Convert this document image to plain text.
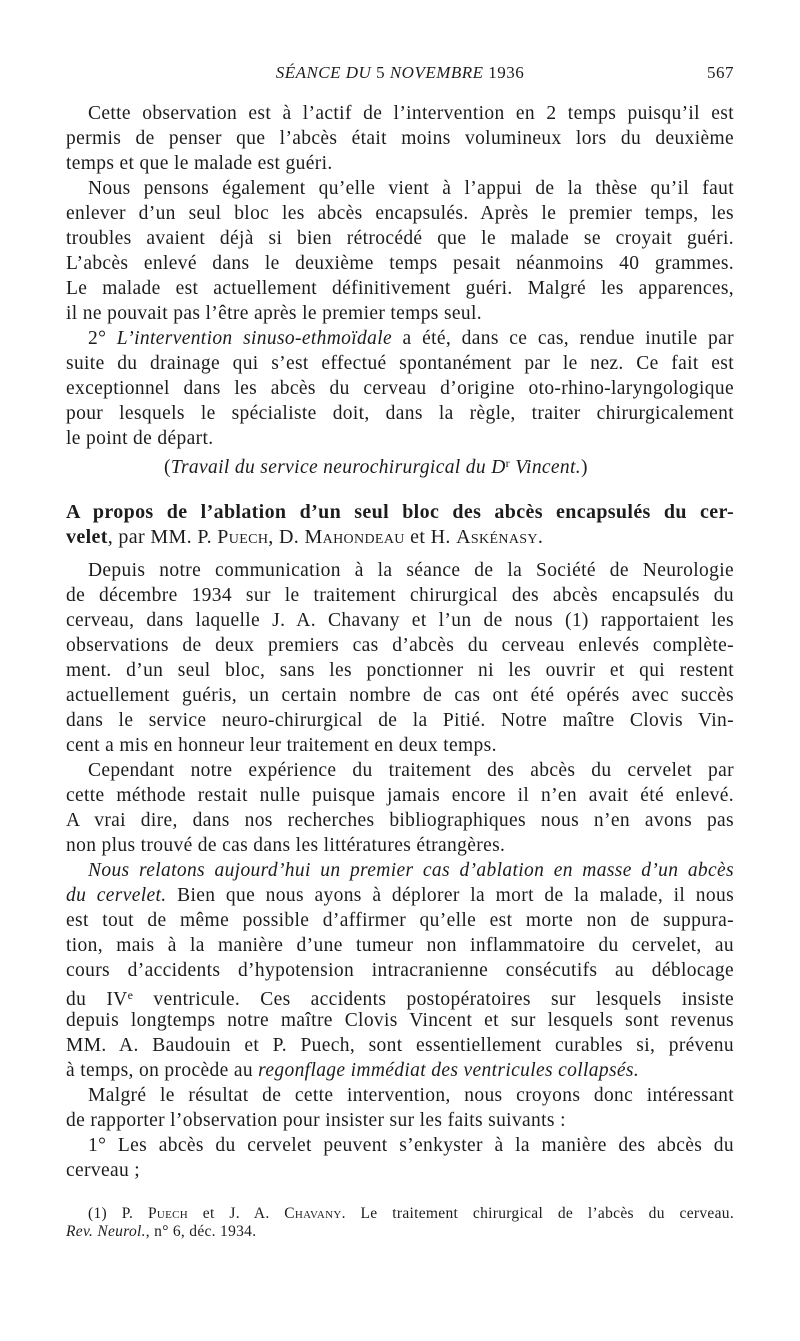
SÉANCE DU 5 NOVEMBRE 1936	567
Cette observation est à l’actif de l’intervention en 2 temps puisqu’il est
permis de penser que l’abcès était moins volumineux lors du deuxième
temps et que le malade est guéri.
Nous pensons également qu’elle vient à l’appui de la thèse qu’il faut
enlever d’un seul bloc les abcès encapsulés. Après le premier temps, les
troubles avaient déjà si bien rétrocédé que le malade se croyait guéri.
L’abcès enlevé dans le deuxième temps pesait néanmoins 40 grammes.
Le malade est actuellement définitivement guéri. Malgré les apparences,
il ne pouvait pas l’être après le premier temps seul.
2° L’intervention sinuso-ethmoïdale a été, dans ce cas, rendue inutile par
suite du drainage qui s’est effectué spontanément par le nez. Ce fait est
exceptionnel dans les abcès du cerveau d’origine oto-rhino-laryngologique
pour lesquels le spécialiste doit, dans la règle, traiter chirurgicalement
le point de départ.
(Travail du service neurochirurgical du $D^r$ Vincent.)
A propos de l’ablation d’un seul bloc des abcès encapsulés du cer-
velet, par MM. P. Puech, D. Mahondeau et H. Askénasy.
Depuis notre communication à la séance de la Société de Neurologie
de décembre 1934 sur le traitement chirurgical des abcès encapsulés du
cerveau, dans laquelle J. A. Chavany et l’un de nous (1) rapportaient les
observations de deux premiers cas d’abcès du cerveau enlevés complète-
ment. d’un seul bloc, sans les ponctionner ni les ouvrir et qui restent
actuellement guéris, un certain nombre de cas ont été opérés avec succès
dans le service neuro-chirurgical de la Pitié. Notre maître Clovis Vin-
cent a mis en honneur leur traitement en deux temps.
Cependant notre expérience du traitement des abcès du cervelet par
cette méthode restait nulle puisque jamais encore il n’en avait été enlevé.
A vrai dire, dans nos recherches bibliographiques nous n’en avons pas
non plus trouvé de cas dans les littératures étrangères.
Nous relatons aujourd’hui un premier cas d’ablation en masse d’un abcès
du cervelet. Bien que nous ayons à déplorer la mort de la malade, il nous
est tout de même possible d’affirmer qu’elle est morte non de suppura-
tion, mais à la manière d’une tumeur non inflammatoire du cervelet, au
cours d’accidents d’hypotension intracranienne consécutifs au déblocage
du IVe ventricule. Ces accidents postopératoires sur lesquels insiste
depuis longtemps notre maître Clovis Vincent et sur lesquels sont revenus
MM. A. Baudouin et P. Puech, sont essentiellement curables si, prévenu
à temps, on procède au regonflage immédiat des ventricules collapsés.
Malgré le résultat de cette intervention, nous croyons donc intéressant
de rapporter l’observation pour insister sur les faits suivants :
1° Les abcès du cervelet peuvent s’enkyster à la manière des abcès du
cerveau ;
(1) P. Puech et J. A. Chavany. Le traitement chirurgical de l’abcès du cerveau.
Rev. Neurol., n° 6, déc. 1934.
